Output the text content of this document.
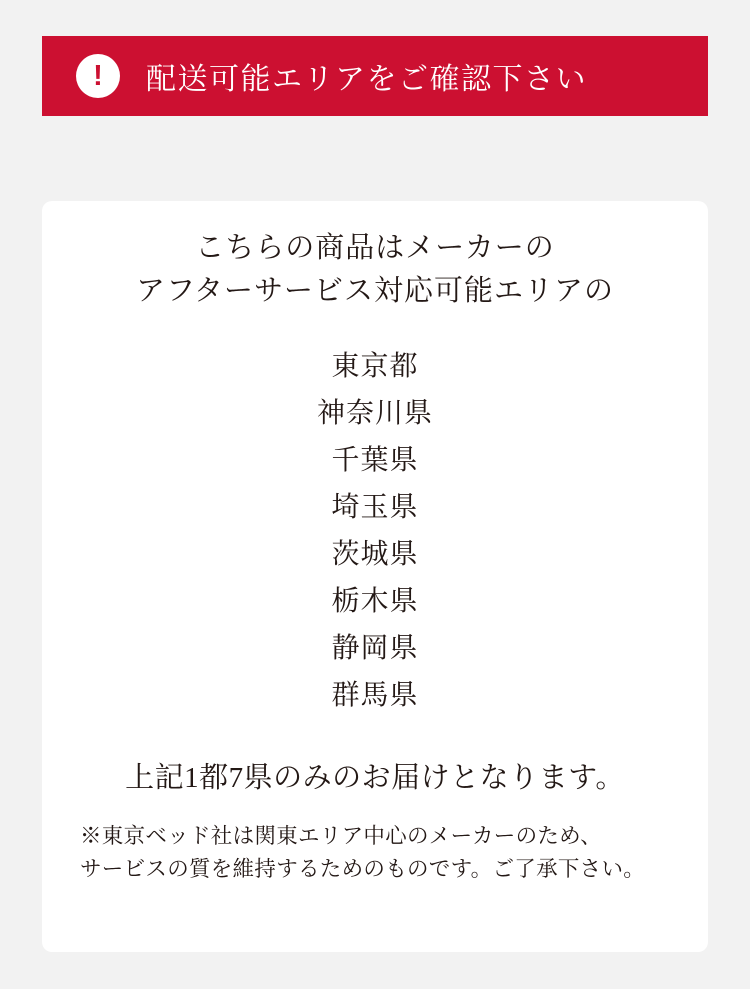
! 配送可能エリアをご確認下さい

こちらの商品はメーカーの
アフターサービス対応可能エリアの

東京都
神奈川県
千葉県
埼玉県
茨城県
栃木県
静岡県
群馬県

上記1都7県のみのお届けとなります。

※東京ベッド社は関東エリア中心のメーカーのため、
サービスの質を維持するためのものです。ご了承下さい。
